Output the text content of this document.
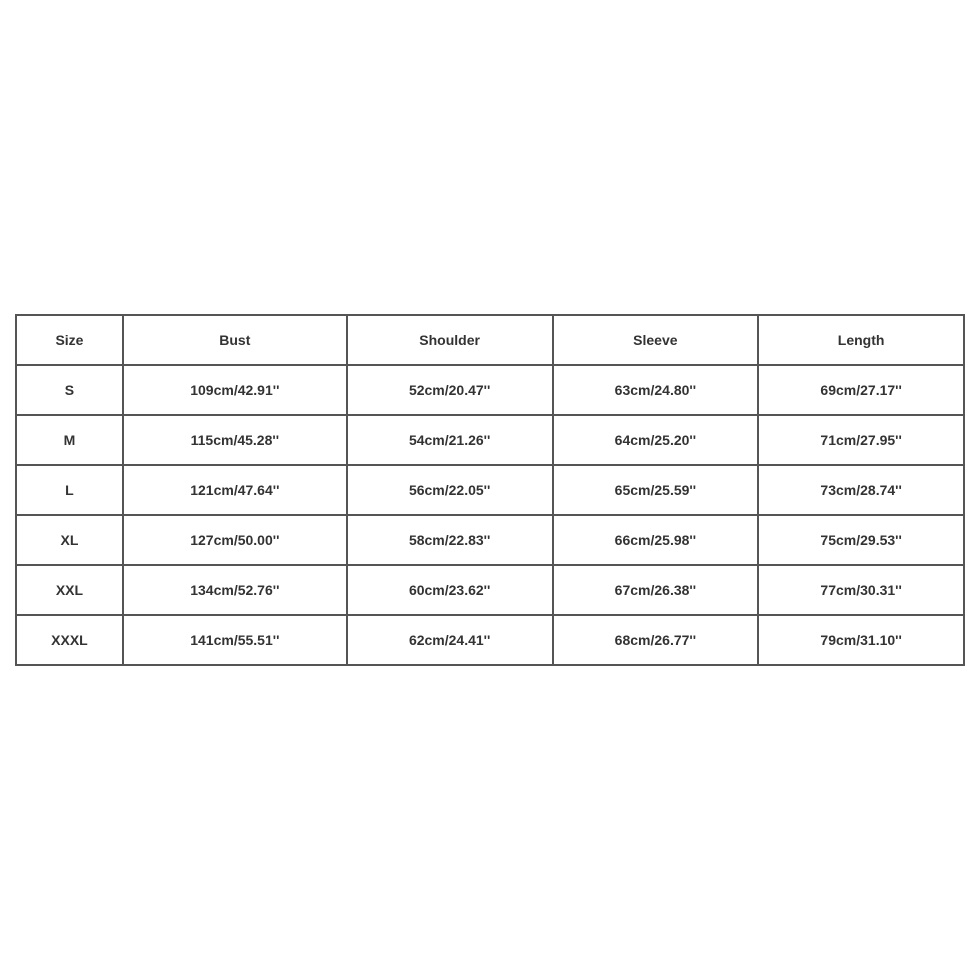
Size	Bust	Shoulder	Sleeve	Length
S	109cm/42.91''	52cm/20.47''	63cm/24.80''	69cm/27.17''
M	115cm/45.28''	54cm/21.26''	64cm/25.20''	71cm/27.95''
L	121cm/47.64''	56cm/22.05''	65cm/25.59''	73cm/28.74''
XL	127cm/50.00''	58cm/22.83''	66cm/25.98''	75cm/29.53''
XXL	134cm/52.76''	60cm/23.62''	67cm/26.38''	77cm/30.31''
XXXL	141cm/55.51''	62cm/24.41''	68cm/26.77''	79cm/31.10''
